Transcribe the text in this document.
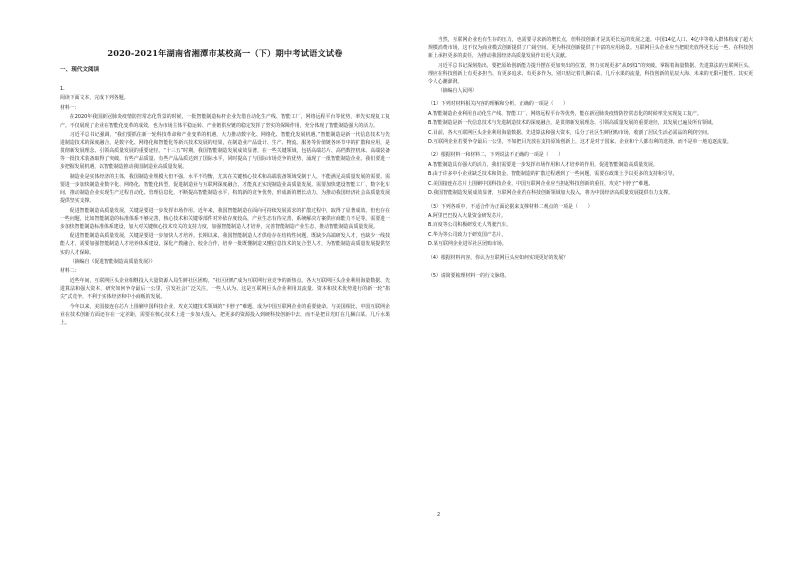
2020-2021年湖南省湘潭市某校高一（下）期中考试语文试卷
一、现代文阅读

1.

阅读下面文本，完成下列各题。

材料一：

在2020年我国新冠肺炎疫情防控常态化背景的时候，一批智能制造标杆企业先借自动化生产线、智能工厂，网络远程平台等优势，率先实现复工复产。不仅展现了企业在智能化变革的成效，也为市场主体平稳运转、产业链供应链的稳定发挥了坚实的保障作用，充分体现了智能制造强大的活力。

习近平总书记强调，“我们要抓住新一轮科技革命和产业变革的机遇，大力推动数字化、网络化、智能化发展机遇。”智能制造是新一代信息技术与先进制造技术的深度融合，是数字化、网络化和智能化等新兴技术发展的结果，在制造业产品设计、生产、物流、服务等价值链各环节中的扩散和应用，是贯彻新发展理念、引领高质量发展的重要途径。“十三五”时期，我国智能制造发展成效显著，在一些关键领域，包括高端芯片、高档数控机床、高端装备等一批技术装备取得了突破，有些产品质量、有些产品品质达到了国际水平，同时提高了与国际市场竞争的优势，涌现了一批智能制造企业。我们要进一步把握发展机遇，以智能制造推动我国制造业高质量发展。

制造业是实体经济的主体，我国制造业规模大但不强，水平不均衡，尤其在关键核心技术和高端装备领域受制于人，不能满足高质量发展的需要。需要进一步加快制造业数字化、网络化、智能化转型，促进制造业与互联网深度融合，才能真正实现制造业高质量发展。需要加快建设智能工厂、数字化车间，推动制造企业实现生产过程自动化、管理信息化，不断提高智能制造水平，构筑新的竞争优势，形成新的增长动力，为推动我国经济社会高质量发展提供坚实支撑。

促进智能制造高质量发展，关键是要进一步发挥市场作用。近年来，我国智能制造在面向可持续发展需求的扩散过程中，取得了显著成效，但也存在一些问题，比如智能制造的标准体系不够完善，核心技术和关键零部件对外依存度较高，产业生态有待完善，系统解决方案供应商能力不足等。需要进一步加快智能制造标准体系建设，加大对关键核心技术攻关的支持力度，加强智能制造人才培养，完善智能制造产业生态，推动智能制造高质量发展。

促进智能制造高质量发展，关键是要进一步加快人才培养。长期以来，我国智能制造人才供给存在结构性问题，既缺少高端研发人才，也缺少一线技能人才，需要加强智能制造人才培养体系建设，深化产教融合、校企合作，培养一批既懂制造又懂信息技术的复合型人才，为智能制造高质量发展提供坚实的人才保障。

（摘编自《促进智能制造高质量发展》）

材料二：

近些年间，互联网巨头企业相继投入大量资源入局生鲜社区团购，“社区团购”成为互联网行业竞争的新热点。各大互联网巨头企业利用海量数据、先进算法和强大资本，研究如何争夺最后一公里，引发社会广泛关注。一些人认为，这是互联网巨头企业利用其流量、资本和技术优势进行的新一轮“掐尖”式竞争，不利于实体经济和中小商贩的发展。

今年以来，美国接连在芯片上围剿中国科技企业，攻克关键技术领域的“卡脖子”难题，成为中国互联网企业的重要使命。与美国相比，中国互联网企业在技术创新方面还存在一定差距，需要在核心技术上进一步加大投入，把更多的资源投入到硬科技创新中去，而不是把目光盯在几捆白菜、几斤水果上。

当然，互联网企业也有生存的压力，也需要寻求新的增长点，但科技创新才是其更长远的发展之道。中国14亿人口、4亿中等收入群体构成了超大规模消费市场，这不仅为商业模式创新提供了广阔空间，更为科技创新提供了丰富的应用场景。互联网巨头企业应当把眼光放得更长远一些，在科技创新上承担更多的责任，为推动我国经济高质量发展作出更大贡献。

习近平总书记深刻指出，要把原始创新能力提升摆在更加突出的位置，努力实现更多“从0到1”的突破。掌握着海量数据、先进算法的互联网巨头，理应在科技创新上有更多担当、有更多追求、有更多作为。别只惦记着几捆白菜、几斤水果的流量，科技创新的星辰大海、未来的无限可能性，其实更令人心潮澎湃。

（摘编自人民网）

（1）下列对材料相关内容的理解和分析，正确的一项是（　　）

A.智能制造企业利用自动化生产线、智能工厂、网络远程平台等优势，能在新冠肺炎疫情防控常态化的时候率先实现复工复产。

B.智能制造是新一代信息技术与先进制造技术的深度融合，是贯彻新发展理念、引领高质量发展的重要途径，其发展已遍及所有领域。

C.目前，各大互联网巨头企业利用海量数据、先进算法和强大资本，瓜分了社区生鲜团购市场，收割了居民生活必需品的利润空间。

D.互联网企业若要争夺最后一公里，不如把目光放在支持原始创新上，这才是对于国家、企业和个人都有利的选择，而不是单一地追逐流量。

（2）根据材料一和材料二，下列说法不正确的一项是（　　）

A.智能制造具有强大的活力，我们需要进一步发挥市场作用和人才培养的作用，促进智能制造高质量发展。

B.由于许多中小企业缺乏技术和资金，智能制造的扩散过程遇到了一些问题，需要在政策上予以更多的支持和引导。

C.美国接连在芯片上围剿中国科技企业，中国互联网企业应当担起科技创新的重任，攻克“卡脖子”难题。

D.我国智能制造发展成效显著，互联网企业若在科技创新领域加大投入，将为中国经济高质量发展提供有力支撑。

（3）下列各项中，不适合作为正面论据来支撑材料二观点的一项是（　　）

A.阿里巴巴投入大量资金研发芯片。

B.百度等公司积极研发无人驾驶汽车。

C.华为等公司致力于研发国产芯片。

D.某互联网企业进军社区团购市场。

（4）根据材料内容，你认为互联网巨头应如何实现更好的发展？

（5）请简要梳理材料一的行文脉络。

2
